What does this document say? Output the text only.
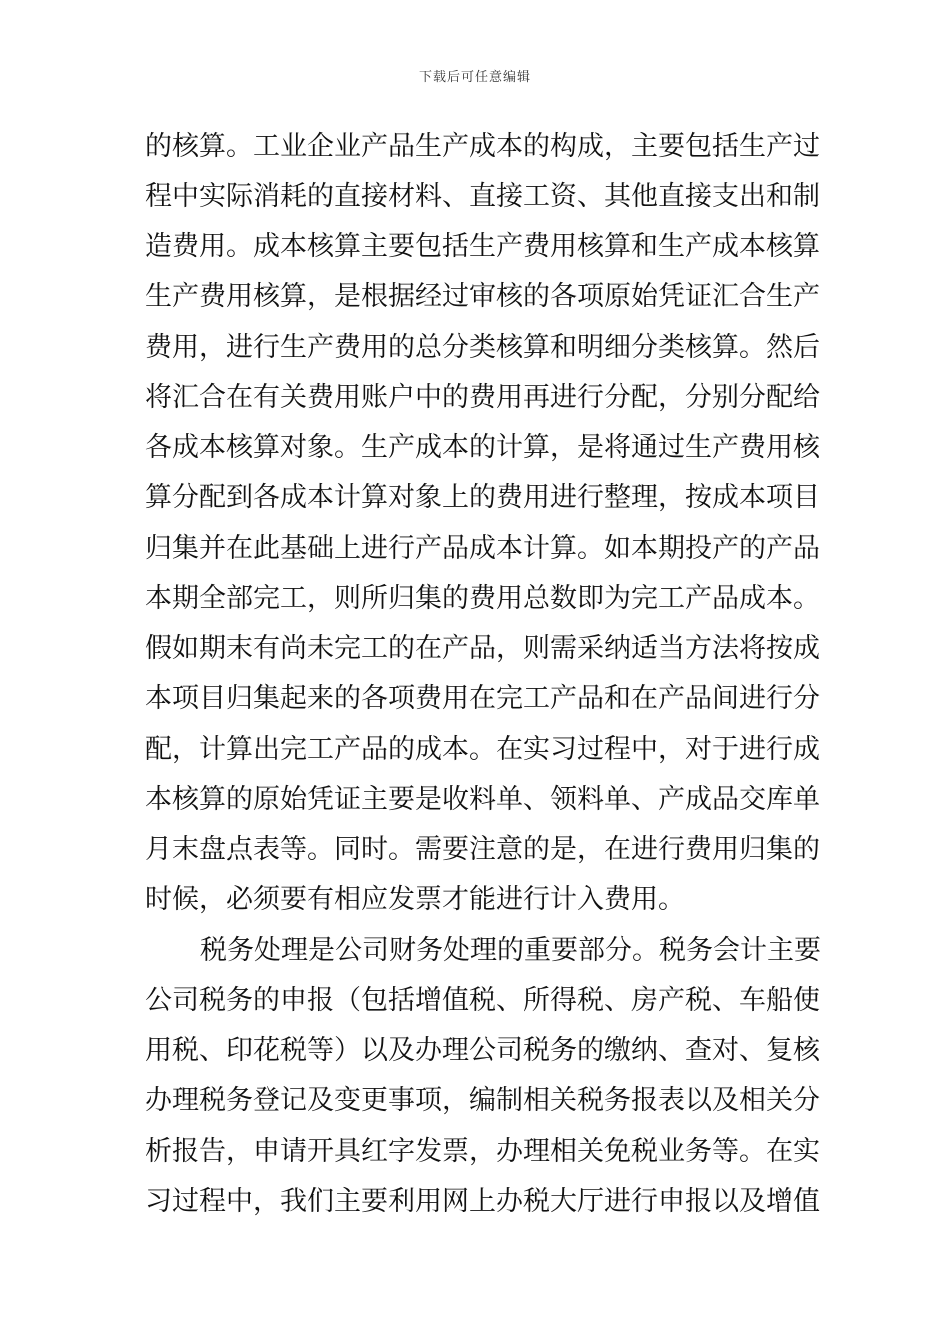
下载后可任意编辑
的核算。工业企业产品生产成本的构成，主要包括生产过
程中实际消耗的直接材料、直接工资、其他直接支出和制
造费用。成本核算主要包括生产费用核算和生产成本核算
生产费用核算，是根据经过审核的各项原始凭证汇合生产
费用，进行生产费用的总分类核算和明细分类核算。然后
将汇合在有关费用账户中的费用再进行分配，分别分配给
各成本核算对象。生产成本的计算，是将通过生产费用核
算分配到各成本计算对象上的费用进行整理，按成本项目
归集并在此基础上进行产品成本计算。如本期投产的产品
本期全部完工，则所归集的费用总数即为完工产品成本。
假如期末有尚未完工的在产品，则需采纳适当方法将按成
本项目归集起来的各项费用在完工产品和在产品间进行分
配，计算出完工产品的成本。在实习过程中，对于进行成
本核算的原始凭证主要是收料单、领料单、产成品交库单
月末盘点表等。同时。需要注意的是，在进行费用归集的
时候，必须要有相应发票才能进行计入费用。
税务处理是公司财务处理的重要部分。税务会计主要
公司税务的申报（包括增值税、所得税、房产税、车船使
用税、印花税等）以及办理公司税务的缴纳、查对、复核
办理税务登记及变更事项，编制相关税务报表以及相关分
析报告，申请开具红字发票，办理相关免税业务等。在实
习过程中，我们主要利用网上办税大厅进行申报以及增值
